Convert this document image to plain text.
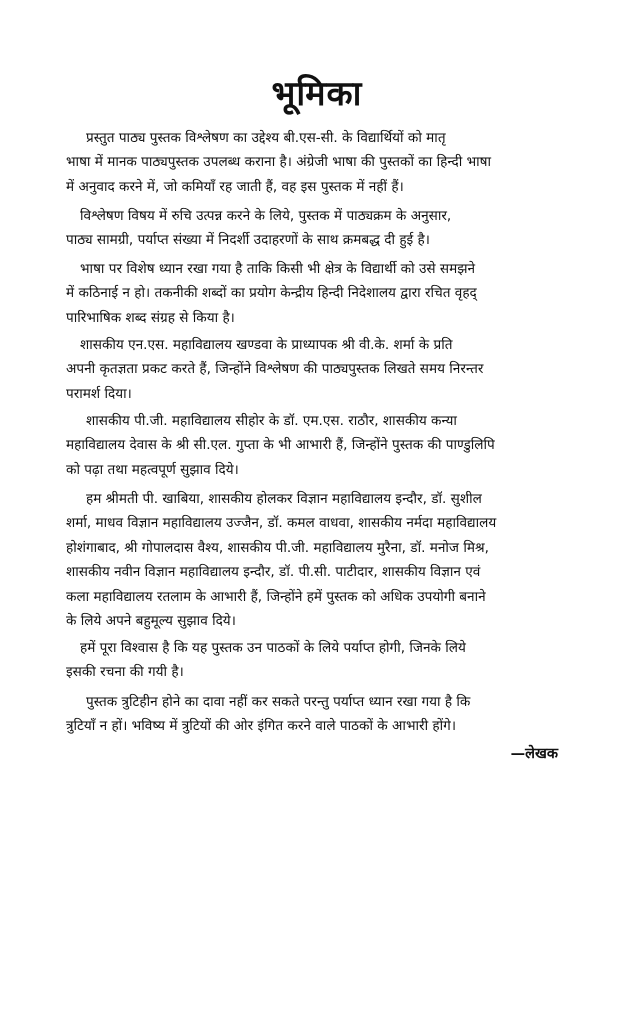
भूमिका
प्रस्तुत पाठ्य पुस्तक विश्लेषण का उद्देश्य बी.एस-सी. के विद्यार्थियों को मातृ
भाषा में मानक पाठ्यपुस्तक उपलब्ध कराना है। अंग्रेजी भाषा की पुस्तकों का हिन्दी भाषा
में अनुवाद करने में, जो कमियाँ रह जाती हैं, वह इस पुस्तक में नहीं हैं।
विश्लेषण विषय में रुचि उत्पन्न करने के लिये, पुस्तक में पाठ्यक्रम के अनुसार,
पाठ्य सामग्री, पर्याप्त संख्या में निदर्शी उदाहरणों के साथ क्रमबद्ध दी हुई है।
भाषा पर विशेष ध्यान रखा गया है ताकि किसी भी क्षेत्र के विद्यार्थी को उसे समझने
में कठिनाई न हो। तकनीकी शब्दों का प्रयोग केन्द्रीय हिन्दी निदेशालय द्वारा रचित वृहद्
पारिभाषिक शब्द संग्रह से किया है।
शासकीय एन.एस. महाविद्यालय खण्डवा के प्राध्यापक श्री वी.के. शर्मा के प्रति
अपनी कृतज्ञता प्रकट करते हैं, जिन्होंने विश्लेषण की पाठ्यपुस्तक लिखते समय निरन्तर
परामर्श दिया।
शासकीय पी.जी. महाविद्यालय सीहोर के डॉ. एम.एस. राठौर, शासकीय कन्या
महाविद्यालय देवास के श्री सी.एल. गुप्ता के भी आभारी हैं, जिन्होंने पुस्तक की पाण्डुलिपि
को पढ़ा तथा महत्वपूर्ण सुझाव दिये।
हम श्रीमती पी. खाबिया, शासकीय होलकर विज्ञान महाविद्यालय इन्दौर, डॉ. सुशील
शर्मा, माधव विज्ञान महाविद्यालय उज्जैन, डॉ. कमल वाधवा, शासकीय नर्मदा महाविद्यालय
होशंगाबाद, श्री गोपालदास वैश्य, शासकीय पी.जी. महाविद्यालय मुरैना, डॉ. मनोज मिश्र,
शासकीय नवीन विज्ञान महाविद्यालय इन्दौर, डॉ. पी.सी. पाटीदार, शासकीय विज्ञान एवं
कला महाविद्यालय रतलाम के आभारी हैं, जिन्होंने हमें पुस्तक को अधिक उपयोगी बनाने
के लिये अपने बहुमूल्य सुझाव दिये।
हमें पूरा विश्वास है कि यह पुस्तक उन पाठकों के लिये पर्याप्त होगी, जिनके लिये
इसकी रचना की गयी है।
पुस्तक त्रुटिहीन होने का दावा नहीं कर सकते परन्तु पर्याप्त ध्यान रखा गया है कि
त्रुटियाँ न हों। भविष्य में त्रुटियों की ओर इंगित करने वाले पाठकों के आभारी होंगे।
—लेखक
